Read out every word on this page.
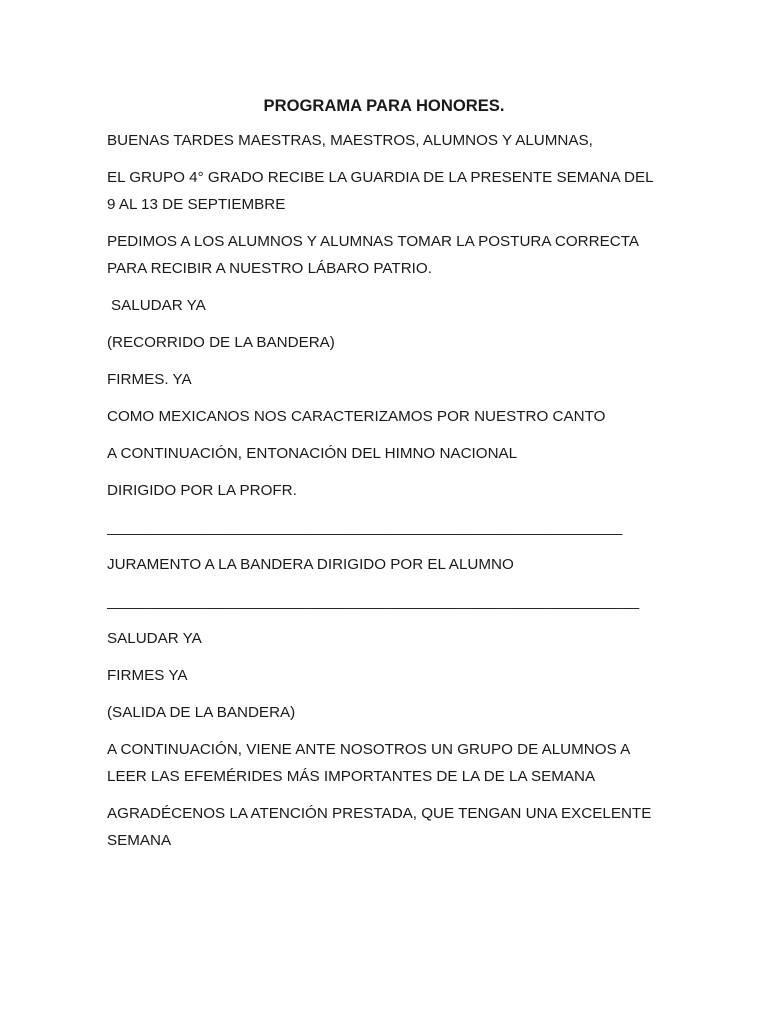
PROGRAMA PARA HONORES.

BUENAS TARDES MAESTRAS, MAESTROS, ALUMNOS Y ALUMNAS,

EL GRUPO 4° GRADO RECIBE LA GUARDIA DE LA PRESENTE SEMANA DEL 9 AL 13 DE SEPTIEMBRE

PEDIMOS A LOS ALUMNOS Y ALUMNAS TOMAR LA POSTURA CORRECTA PARA RECIBIR A NUESTRO LÁBARO PATRIO.

SALUDAR YA

(RECORRIDO DE LA BANDERA)

FIRMES. YA

COMO MEXICANOS NOS CARACTERIZAMOS POR NUESTRO CANTO

A CONTINUACIÓN, ENTONACIÓN DEL HIMNO NACIONAL

DIRIGIDO POR LA PROFR.

_____________________________________________________________

JURAMENTO A LA BANDERA DIRIGIDO POR EL ALUMNO

_______________________________________________________________

SALUDAR YA

FIRMES YA

(SALIDA DE LA BANDERA)

A CONTINUACIÓN, VIENE ANTE NOSOTROS UN GRUPO DE ALUMNOS A LEER LAS EFEMÉRIDES MÁS IMPORTANTES DE LA DE LA SEMANA

AGRADÉCENOS LA ATENCIÓN PRESTADA, QUE TENGAN UNA EXCELENTE SEMANA
